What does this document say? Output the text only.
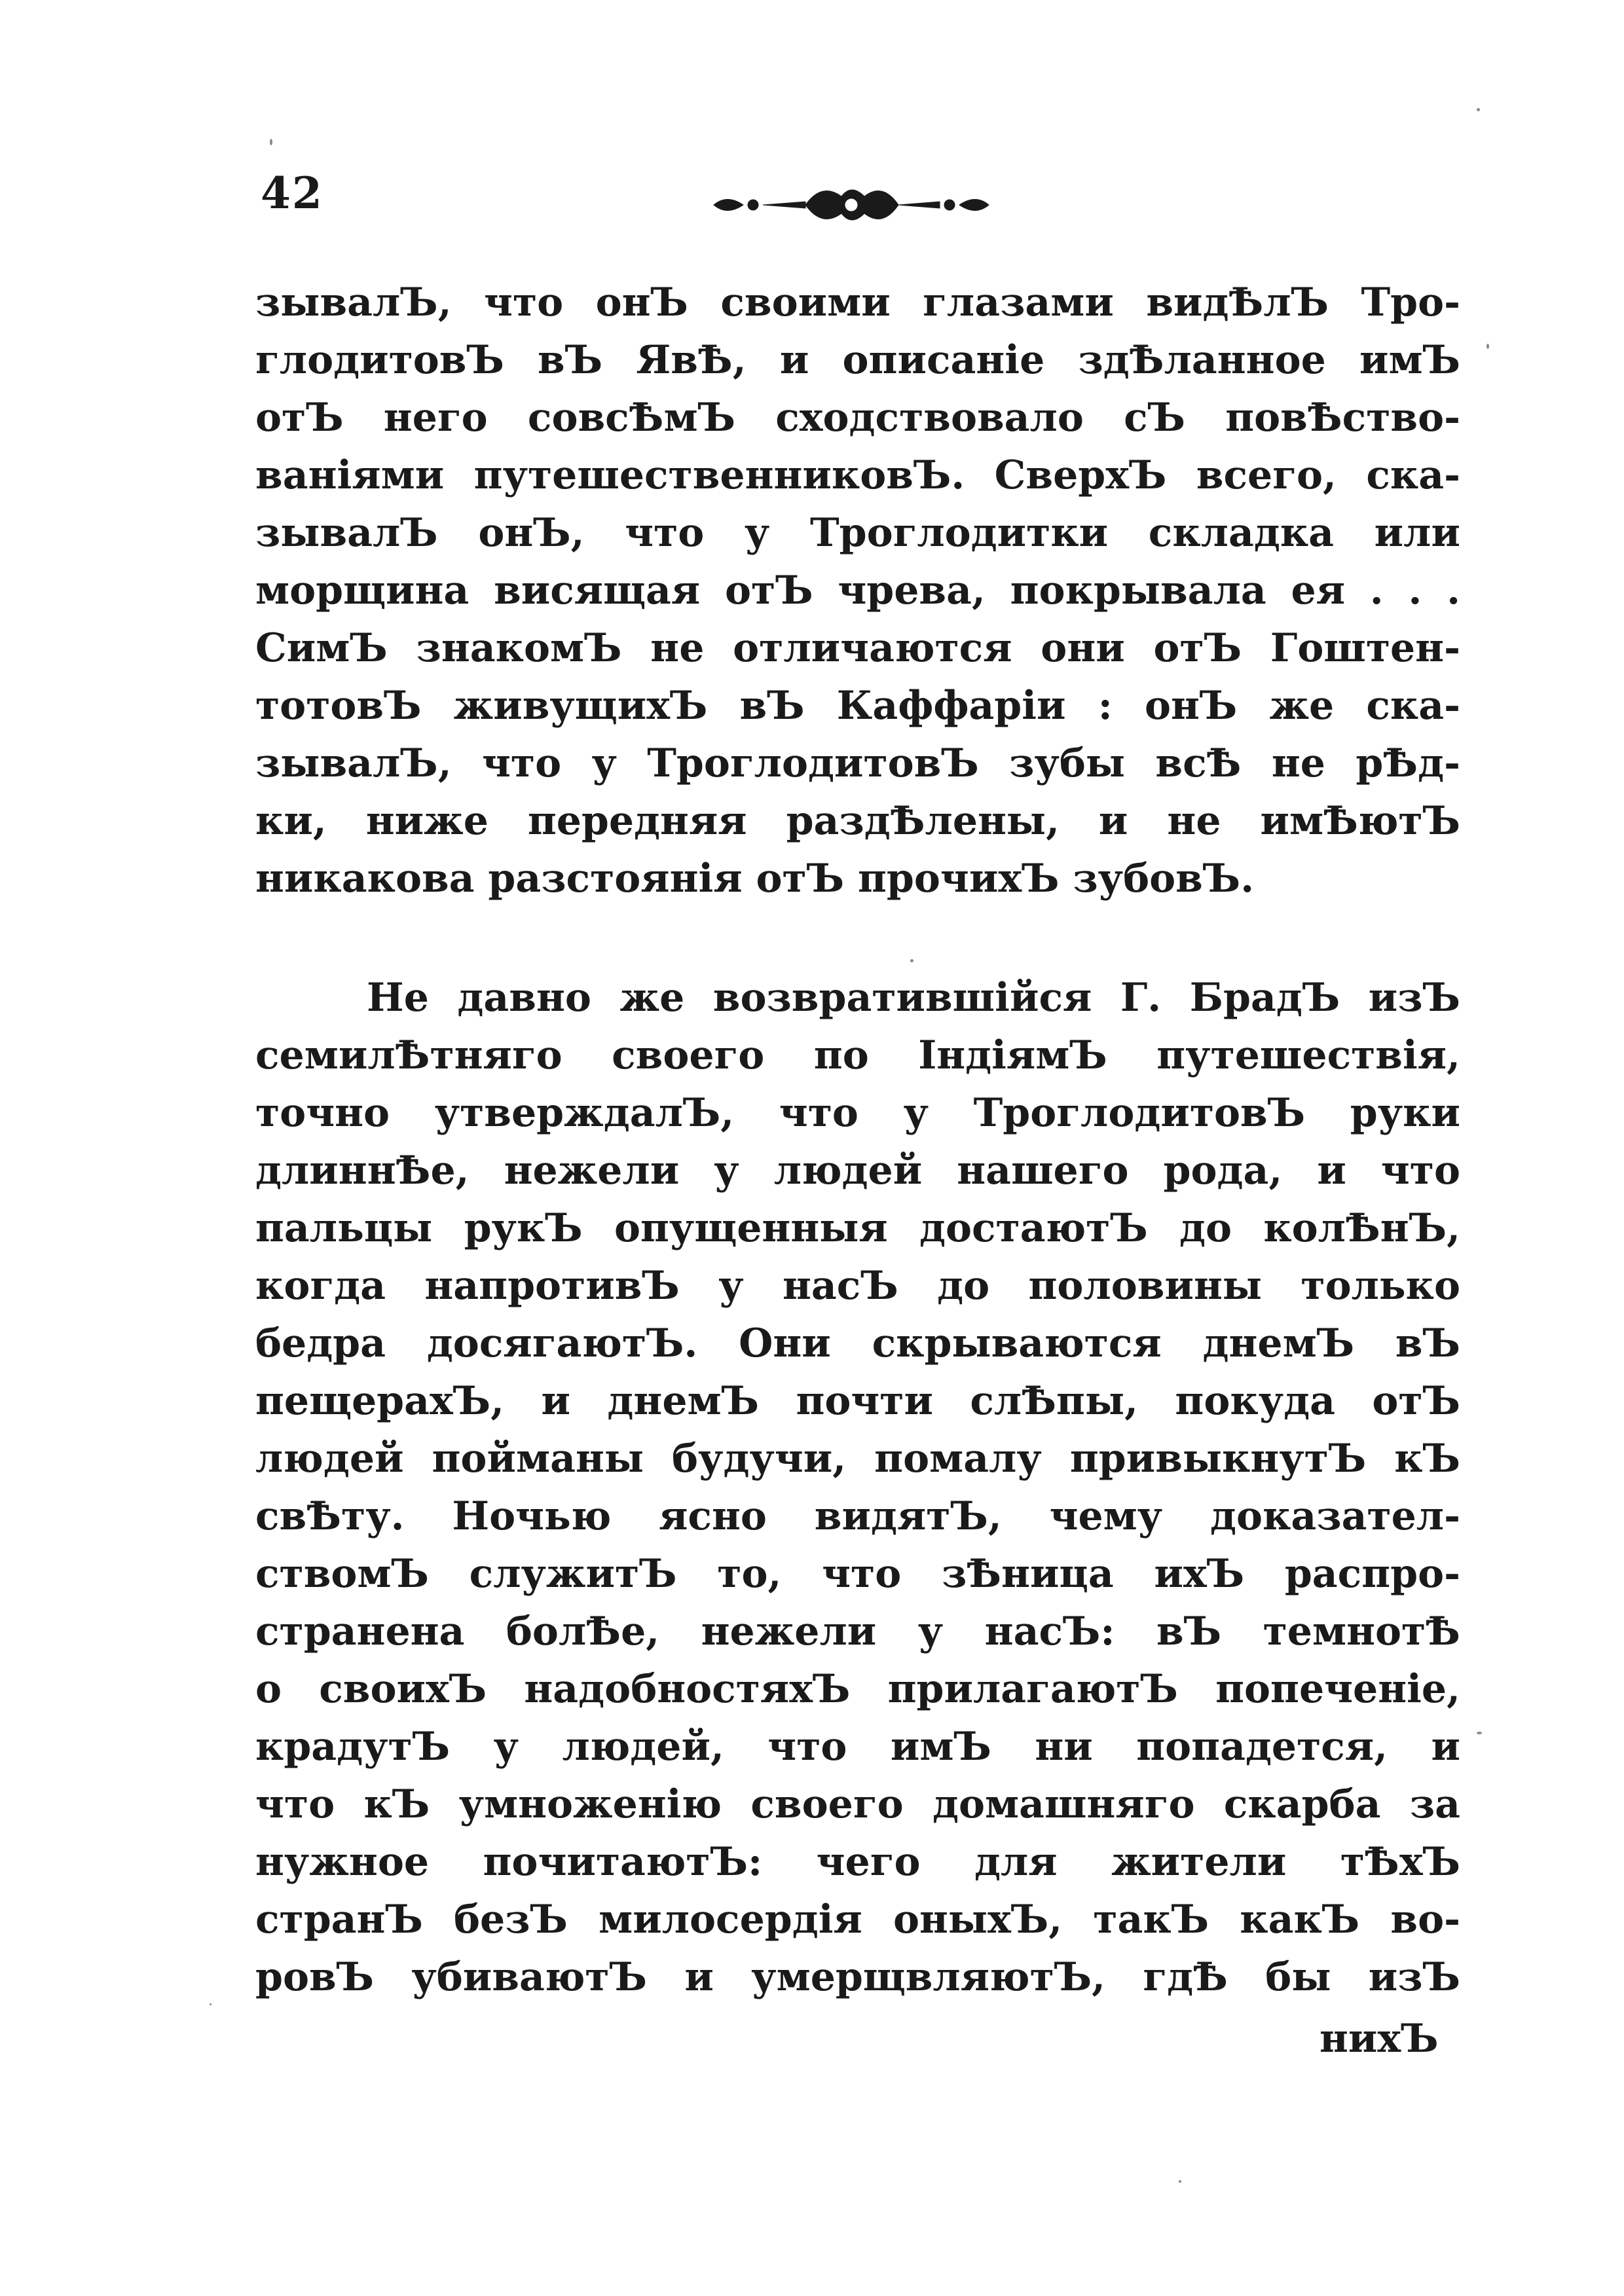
42
зывалЪ, что онЪ своими глазами видѢлЪ Тро-
глодитовЪ вЪ ЯвѢ, и описаніе здѢланное имЪ
отЪ него совсѢмЪ сходствовало сЪ повѢство-
ваніями путешественниковЪ. СверхЪ всего, ска-
зывалЪ онЪ, что у Троглодитки складка или
морщина висящая отЪ чрева, покрывала ея . . .
СимЪ знакомЪ не отличаются они отЪ Гоштен-
тотовЪ живущихЪ вЪ Каффаріи : онЪ же ска-
зывалЪ, что у ТроглодитовЪ зубы всѢ не рѢд-
ки, ниже передняя раздѢлены, и не имѢютЪ
никакова разстоянія отЪ прочихЪ зубовЪ.
Не давно же возвратившійся Г. БрадЪ изЪ
семилѢтняго своего по ІндіямЪ путешествія,
точно утверждалЪ, что у ТроглодитовЪ руки
длиннѢе, нежели у людей нашего рода, и что
пальцы рукЪ опущенныя достаютЪ до колѢнЪ,
когда напротивЪ у насЪ до половины только
бедра досягаютЪ. Они скрываются днемЪ вЪ
пещерахЪ, и днемЪ почти слѢпы, покуда отЪ
людей пойманы будучи, помалу привыкнутЪ кЪ
свѢту. Ночью ясно видятЪ, чему доказател-
ствомЪ служитЪ то, что зѢница ихЪ распро-
странена болѢе, нежели у насЪ: вЪ темнотѢ
о своихЪ надобностяхЪ прилагаютЪ попеченіе,
крадутЪ у людей, что имЪ ни попадется, и
что кЪ умноженію своего домашняго скарба за
нужное почитаютЪ: чего для жители тѢхЪ
странЪ безЪ милосердія оныхЪ, такЪ какЪ во-
ровЪ убиваютЪ и умерщвляютЪ, гдѢ бы изЪ
нихЪ
